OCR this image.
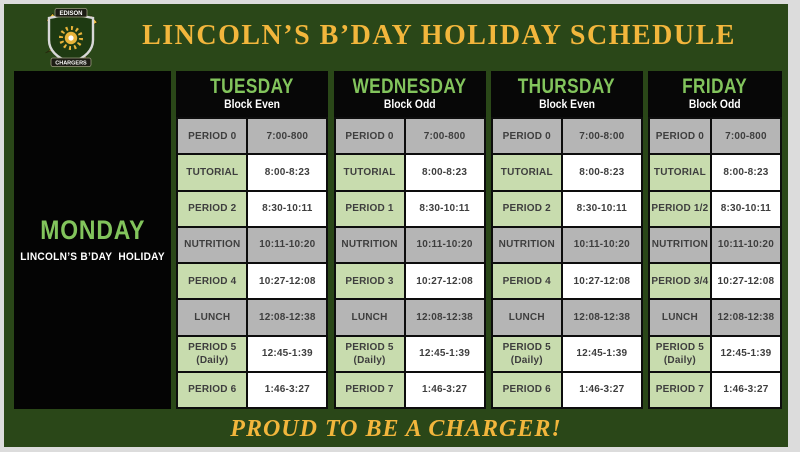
EDISON
CHARGERS
LINCOLN’S B’DAY HOLIDAY SCHEDULE
MONDAY
LINCOLN’S B’DAY  HOLIDAY
TUESDAY
Block Even
PERIOD 0	7:00-800
TUTORIAL	8:00-8:23
PERIOD 2	8:30-10:11
NUTRITION	10:11-10:20
PERIOD 4	10:27-12:08
LUNCH	12:08-12:38
PERIOD 5
(Daily)
12:45-1:39
PERIOD 6	1:46-3:27
WEDNESDAY
Block Odd
PERIOD 0	7:00-800
TUTORIAL	8:00-8:23
PERIOD 1	8:30-10:11
NUTRITION	10:11-10:20
PERIOD 3	10:27-12:08
LUNCH	12:08-12:38
PERIOD 5
(Daily)
12:45-1:39
PERIOD 7	1:46-3:27
THURSDAY
Block Even
PERIOD 0	7:00-8:00
TUTORIAL	8:00-8:23
PERIOD 2	8:30-10:11
NUTRITION	10:11-10:20
PERIOD 4	10:27-12:08
LUNCH	12:08-12:38
PERIOD 5
(Daily)
12:45-1:39
PERIOD 6	1:46-3:27
FRIDAY
Block Odd
PERIOD 0	7:00-800
TUTORIAL	8:00-8:23
PERIOD 1/2	8:30-10:11
NUTRITION 10:11-10:20
PERIOD 3/4 10:27-12:08
LUNCH	12:08-12:38
PERIOD 5
(Daily)
12:45-1:39
PERIOD 7	1:46-3:27
PROUD TO BE A CHARGER!
